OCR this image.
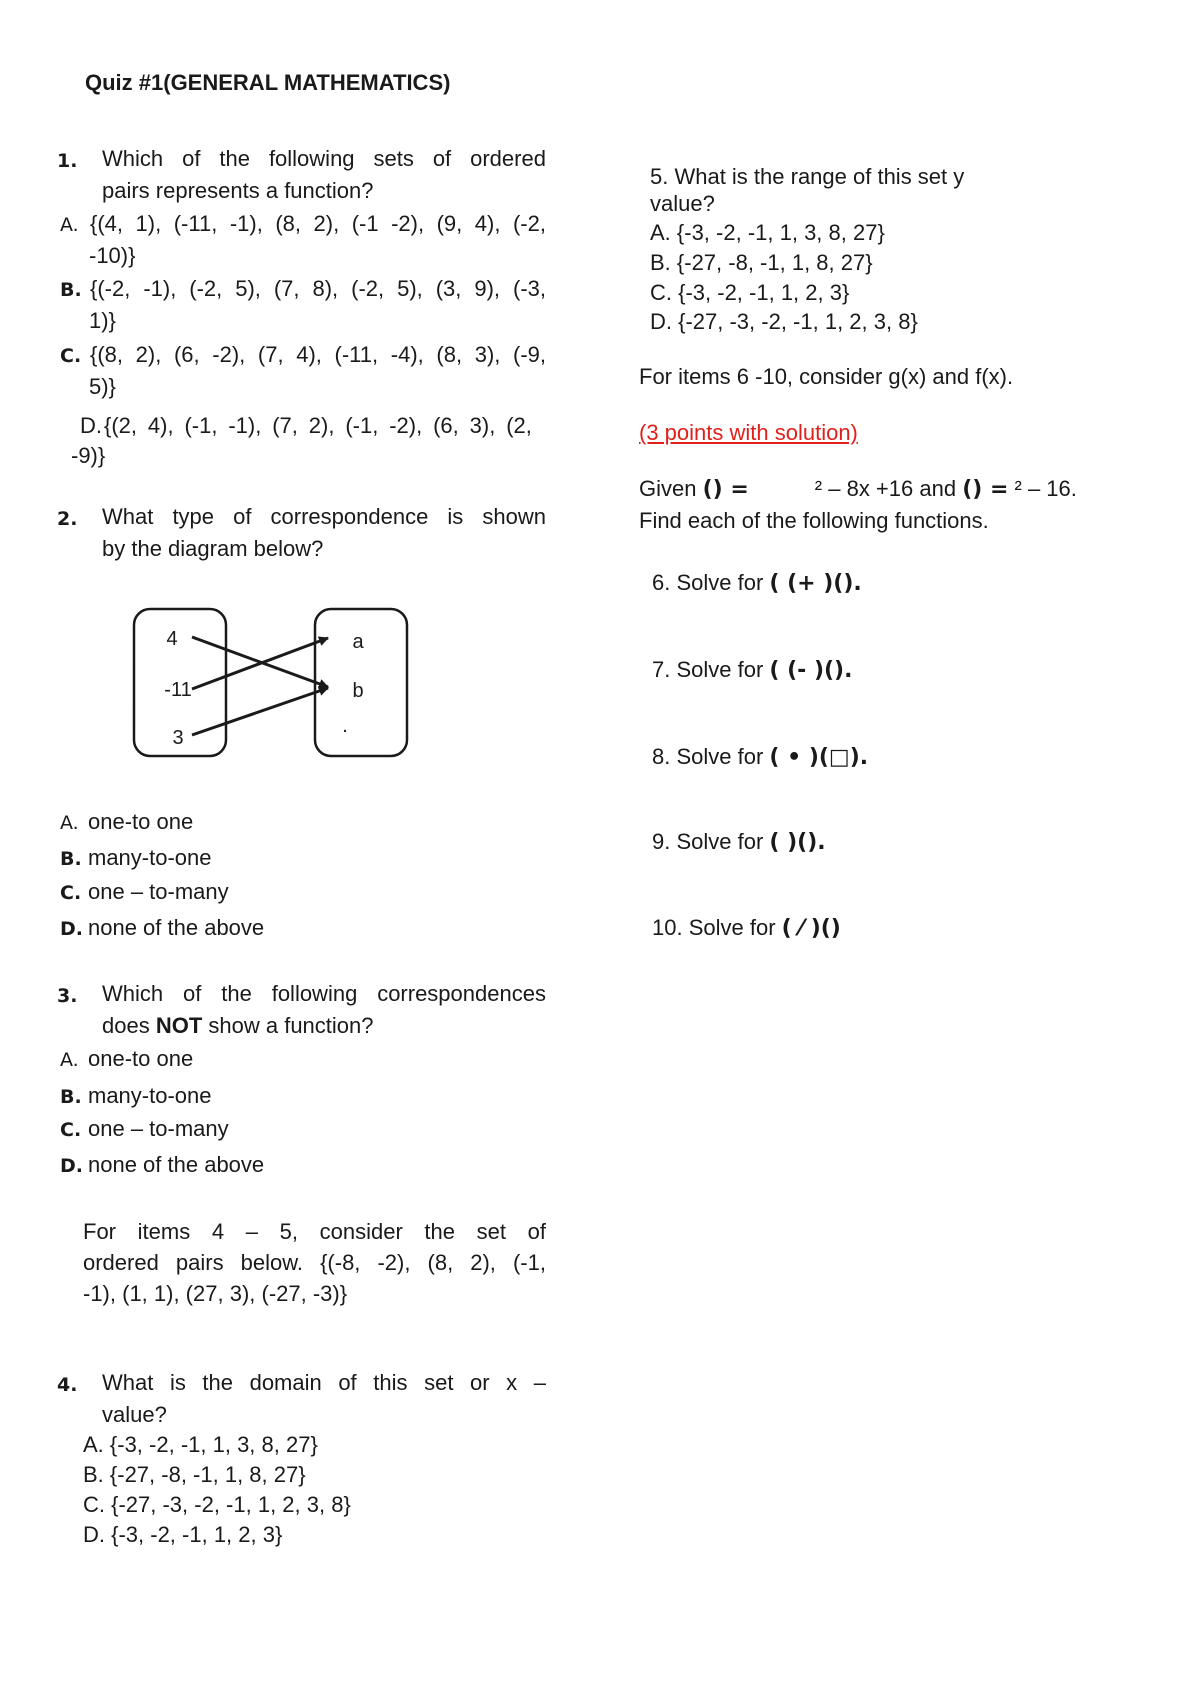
Quiz #1(GENERAL MATHEMATICS)
1. Which of the following sets of ordered
pairs represents a function?
A. {(4, 1), (-11, -1), (8, 2), (-1 -2), (9, 4), (-2,
-10)}
B. {(-2, -1), (-2, 5), (7, 8), (-2, 5), (3, 9), (-3,
1)}
C. {(8, 2), (6, -2), (7, 4), (-11, -4), (8, 3), (-9,
5)}
D. {(2, 4), (-1, -1), (7, 2), (-1, -2), (6, 3), (2,
-9)}
2. What type of correspondence is shown
by the diagram below?
4
-11
3
a
b
.
A. one-to one
B. many-to-one
C. one – to-many
D. none of the above
3. Which of the following correspondences
does NOT show a function?
A. one-to one
B. many-to-one
C. one – to-many
D. none of the above
For items 4 – 5, consider the set of
ordered pairs below. {(-8, -2), (8, 2), (-1,
-1), (1, 1), (27, 3), (-27, -3)}
4. What is the domain of this set or x –
value?
A. {-3, -2, -1, 1, 3, 8, 27}
B. {-27, -8, -1, 1, 8, 27}
C. {-27, -3, -2, -1, 1, 2, 3, 8}
D. {-3, -2, -1, 1, 2, 3}
5. What is the range of this set y
value?
A. {-3, -2, -1, 1, 3, 8, 27}
B. {-27, -8, -1, 1, 8, 27}
C. {-3, -2, -1, 1, 2, 3}
D. {-27, -3, -2, -1, 1, 2, 3, 8}
For items 6 -10, consider g(x) and f(x).
(3 points with solution)
Given () =	² – 8x +16 and () = ² – 16.
Find each of the following functions.
6. Solve for ( (+ )().
7. Solve for ( (- )().
8. Solve for ( • )(□).
9. Solve for ( )().
10. Solve for ( ⁄ )()
